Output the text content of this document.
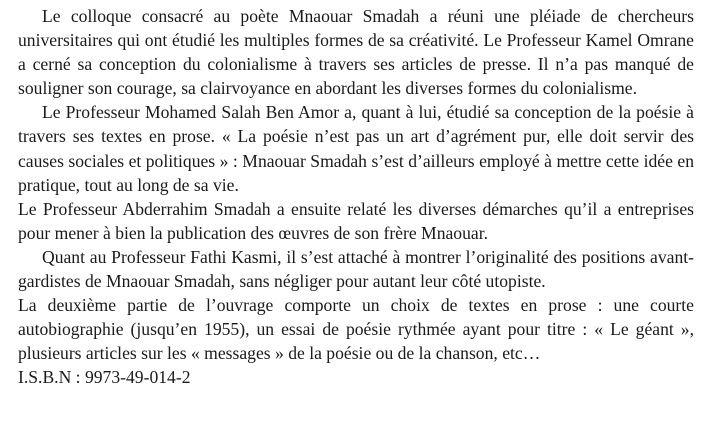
Le colloque consacré au poète Mnaouar Smadah a réuni une pléiade de chercheurs universitaires qui ont étudié les multiples formes de sa créativité. Le Professeur Kamel Omrane a cerné sa conception du colonialisme à travers ses articles de presse. Il n’a pas manqué de souligner son courage, sa clairvoyance en abordant les diverses formes du colonialisme.

Le Professeur Mohamed Salah Ben Amor a, quant à lui, étudié sa conception de la poésie à travers ses textes en prose. « La poésie n’est pas un art d’agrément pur, elle doit servir des causes sociales et politiques » : Mnaouar Smadah s’est d’ailleurs employé à mettre cette idée en pratique, tout au long de sa vie.

Le Professeur Abderrahim Smadah a ensuite relaté les diverses démarches qu’il a entreprises pour mener à bien la publication des œuvres de son frère Mnaouar.

Quant au Professeur Fathi Kasmi, il s’est attaché à montrer l’originalité des positions avant-gardistes de Mnaouar Smadah, sans négliger pour autant leur côté utopiste.

La deuxième partie de l’ouvrage comporte un choix de textes en prose : une courte autobiographie (jusqu’en 1955), un essai de poésie rythmée ayant pour titre : « Le géant », plusieurs articles sur les « messages » de la poésie ou de la chanson, etc…

I.S.B.N : 9973-49-014-2
